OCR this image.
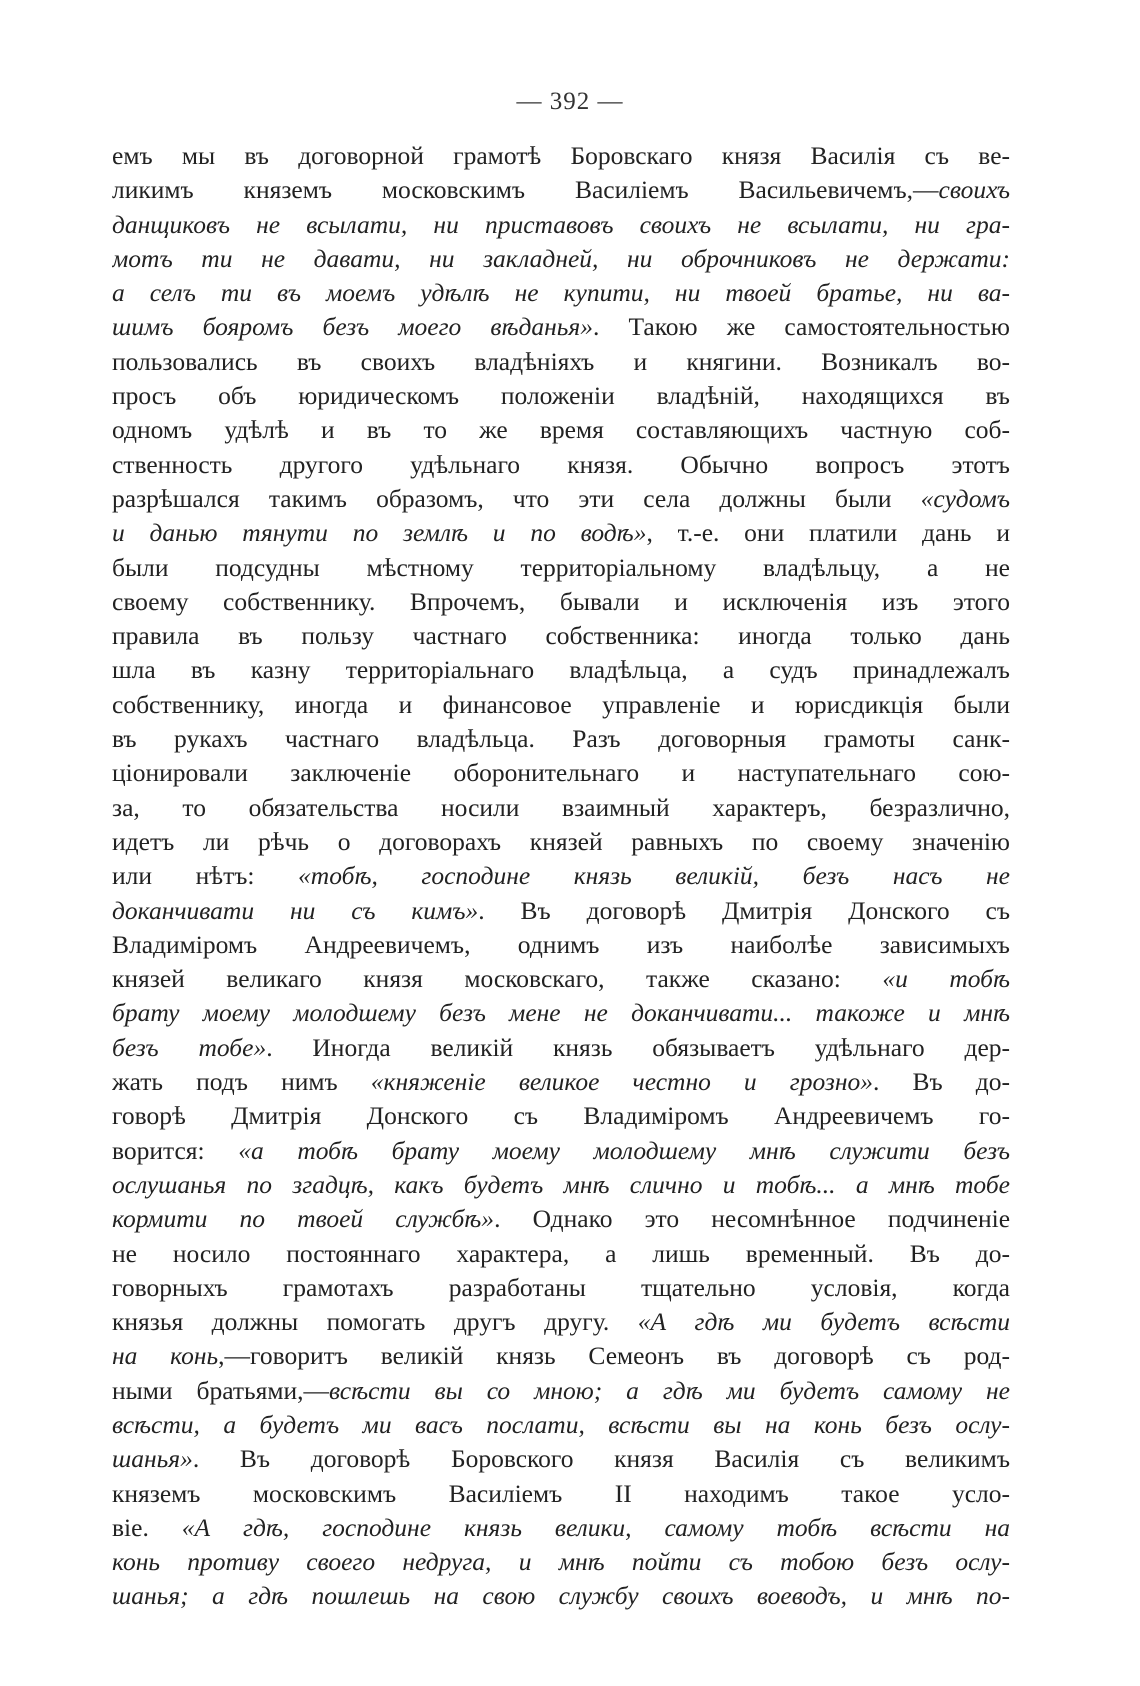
— 392 —
емъ мы въ договорной грамотѣ Боровскаго князя Василія съ ве-
ликимъ княземъ московскимъ Василіемъ Васильевичемъ,—своихъ
данщиковъ не всылати, ни приставовъ своихъ не всылати, ни гра-
мотъ ти не давати, ни закладней, ни оброчниковъ не держати:
а селъ ти въ моемъ удѣлѣ не купити, ни твоей братье, ни ва-
шимъ бояромъ безъ моего вѣданья». Такою же самостоятельностью
пользовались въ своихъ владѣніяхъ и княгини. Возникалъ во-
просъ объ юридическомъ положеніи владѣній, находящихся въ
одномъ удѣлѣ и въ то же время составляющихъ частную соб-
ственность другого удѣльнаго князя. Обычно вопросъ этотъ
разрѣшался такимъ образомъ, что эти села должны были «судомъ
и данью тянути по землѣ и по водѣ», т.-е. они платили дань и
были подсудны мѣстному территоріальному владѣльцу, а не
своему собственнику. Впрочемъ, бывали и исключенія изъ этого
правила въ пользу частнаго собственника: иногда только дань
шла въ казну территоріальнаго владѣльца, а судъ принадлежалъ
собственнику, иногда и финансовое управленіе и юрисдикція были
въ рукахъ частнаго владѣльца. Разъ договорныя грамоты санк-
ціонировали заключеніе оборонительнаго и наступательнаго сою-
за, то обязательства носили взаимный характеръ, безразлично,
идетъ ли рѣчь о договорахъ князей равныхъ по своему значенію
или нѣтъ: «тобѣ, господине князь великій, безъ насъ не
доканчивати ни съ кимъ». Въ договорѣ Дмитрія Донского съ
Владиміромъ Андреевичемъ, однимъ изъ наиболѣе зависимыхъ
князей великаго князя московскаго, также сказано: «и тобѣ
брату моему молодшему безъ мене не доканчивати... такоже и мнѣ
безъ тобе». Иногда великій князь обязываетъ удѣльнаго дер-
жать подъ нимъ «княженіе великое честно и грозно». Въ до-
говорѣ Дмитрія Донского съ Владиміромъ Андреевичемъ го-
ворится: «а тобѣ брату моему молодшему мнѣ служити безъ
ослушанья по згадцѣ, какъ будетъ мнѣ слично и тобѣ... а мнѣ тобе
кормити по твоей службѣ». Однако это несомнѣнное подчиненіе
не носило постояннаго характера, а лишь временный. Въ до-
говорныхъ грамотахъ разработаны тщательно условія, когда
князья должны помогать другъ другу. «А гдѣ ми будетъ всѣсти
на конь,—говоритъ великій князь Семеонъ въ договорѣ съ род-
ными братьями,—всѣсти вы со мною; а гдѣ ми будетъ самому не
всѣсти, а будетъ ми васъ послати, всѣсти вы на конь безъ ослу-
шанья». Въ договорѣ Боровского князя Василія съ великимъ
княземъ московскимъ Василіемъ II находимъ такое усло-
віе. «А гдѣ, господине князь велики, самому тобѣ всѣсти на
конь противу своего недруга, и мнѣ пойти съ тобою безъ ослу-
шанья; а гдѣ пошлешь на свою службу своихъ воеводъ, и мнѣ по-
